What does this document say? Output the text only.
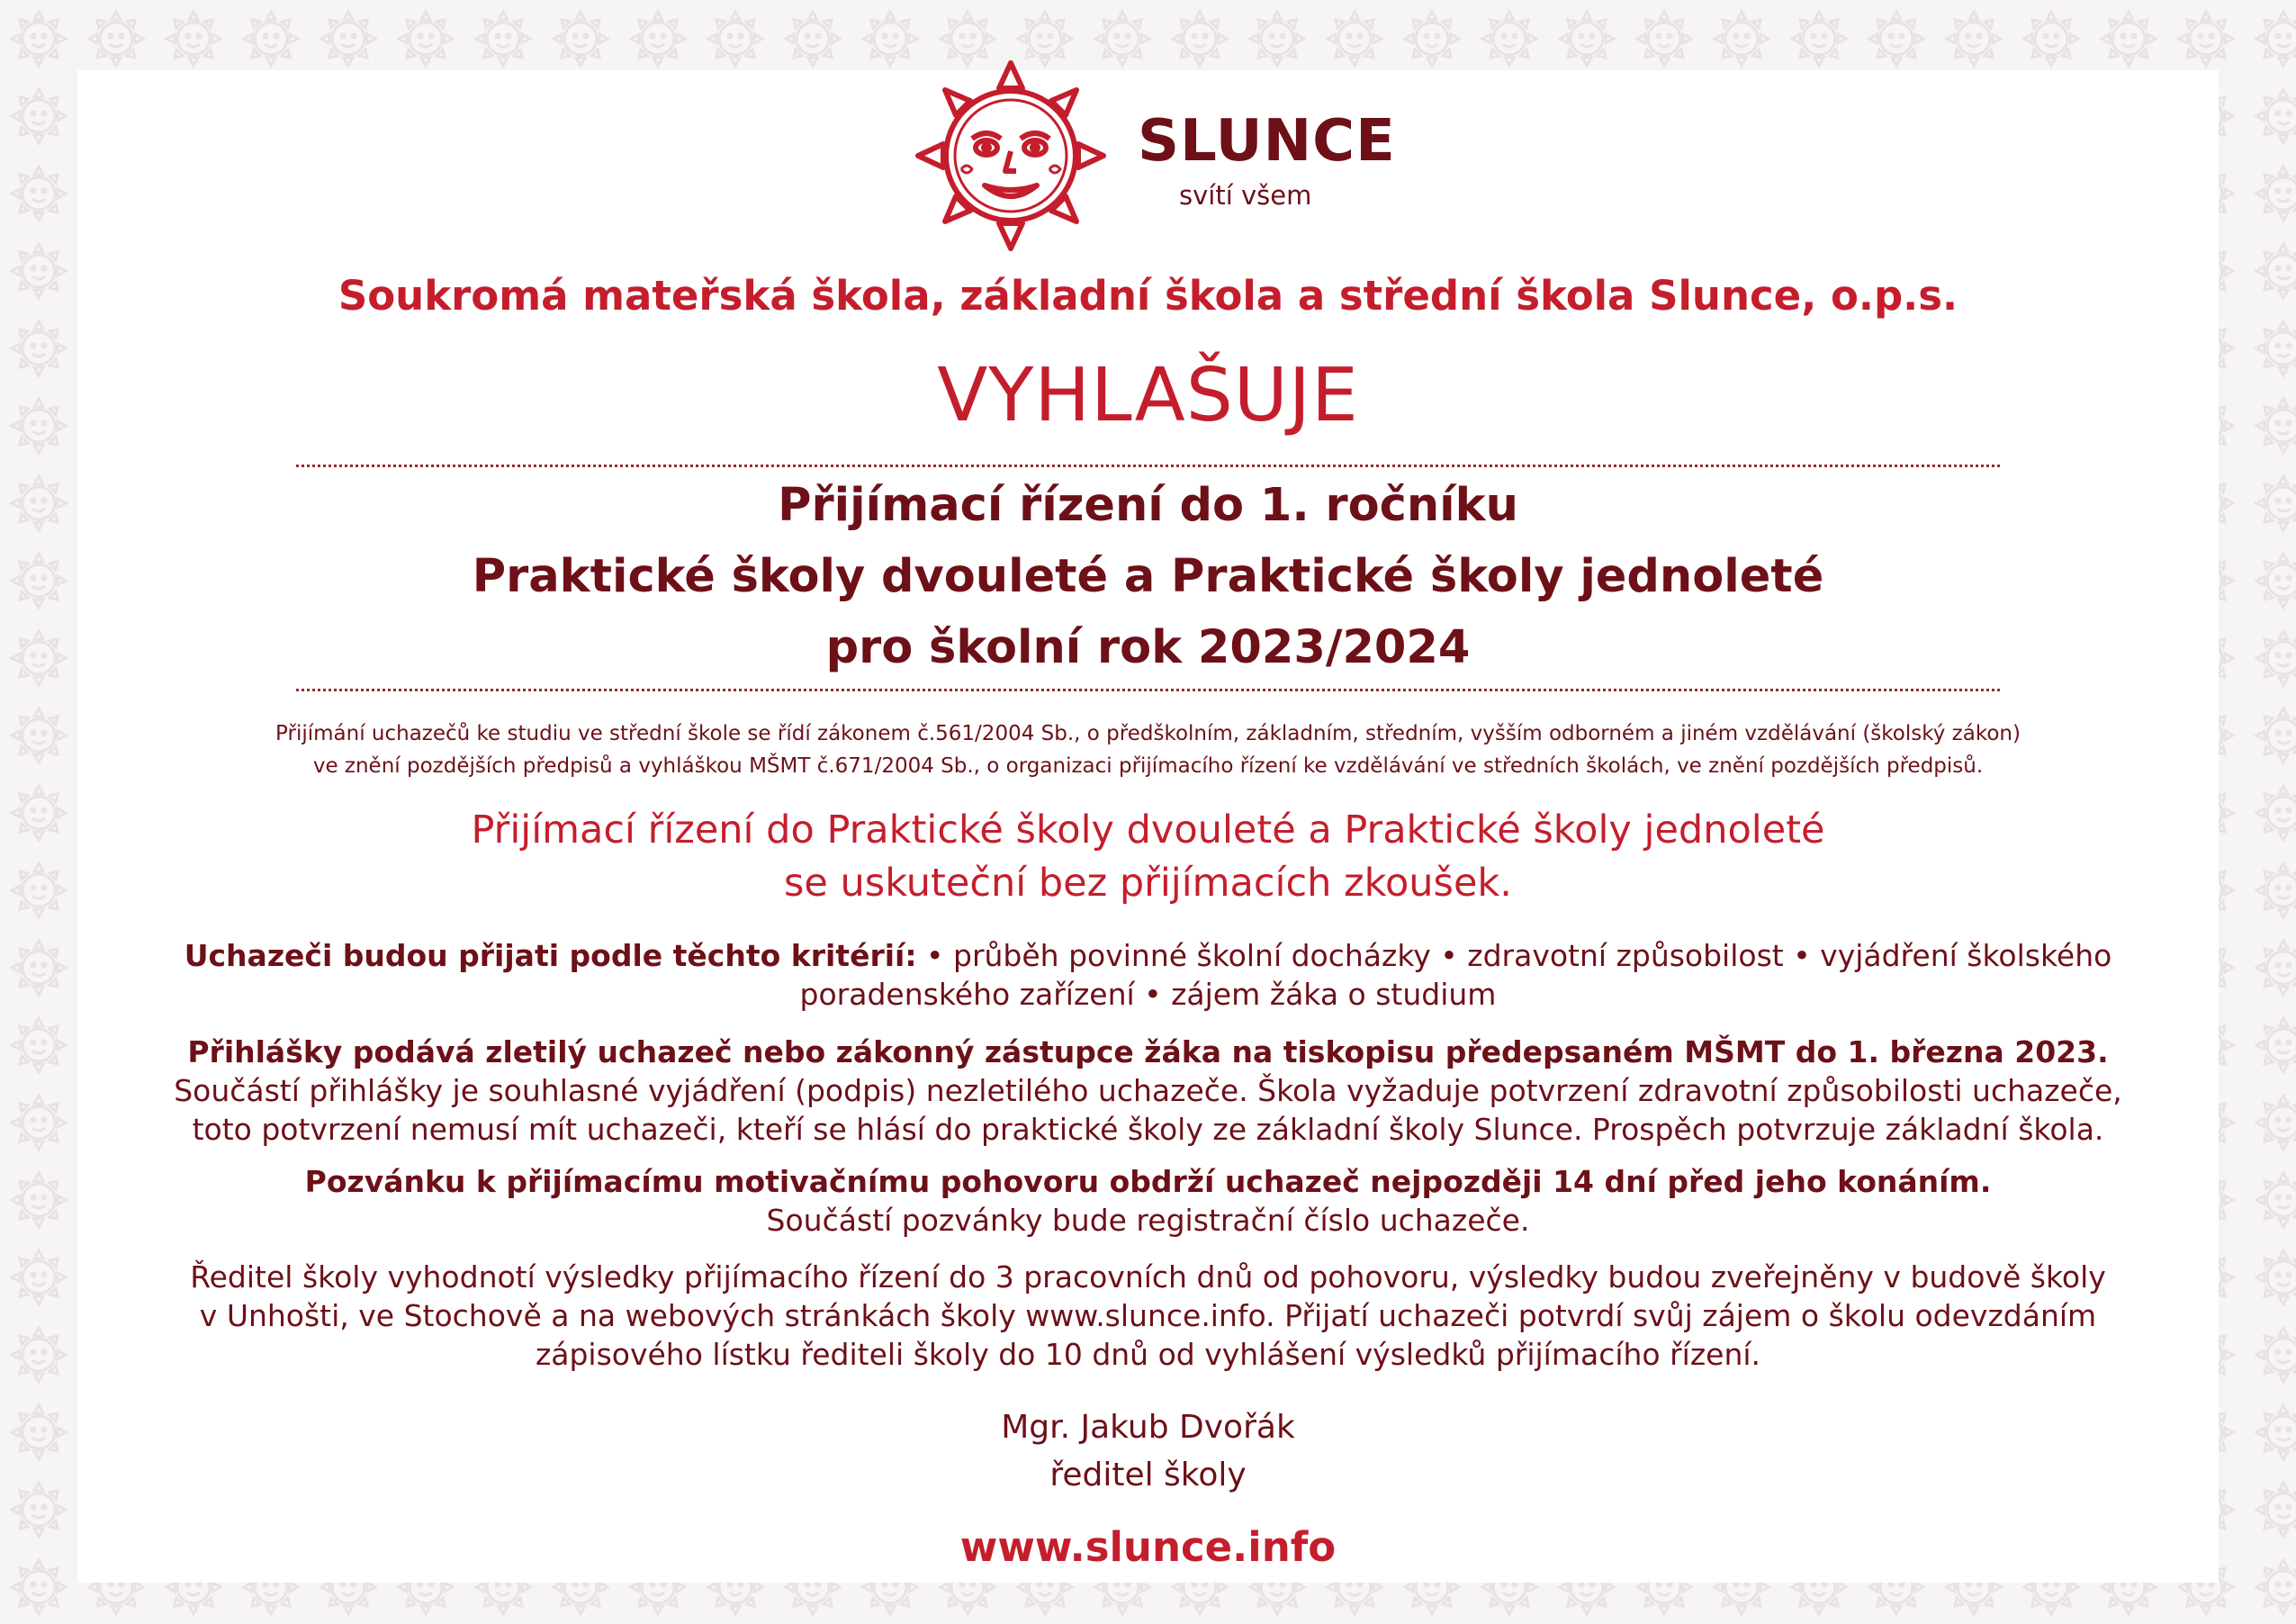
SLUNCE

svítí všem

Soukromá mateřská škola, základní škola a střední škola Slunce, o.p.s.

VYHLAŠUJE

Přijímací řízení do 1. ročníku

Praktické školy dvouleté a Praktické školy jednoleté

pro školní rok 2023/2024

Přijímání uchazečů ke studiu ve střední škole se řídí zákonem č.561/2004 Sb., o předškolním, základním, středním, vyšším odborném a jiném vzdělávání (školský zákon)

ve znění pozdějších předpisů a vyhláškou MŠMT č.671/2004 Sb., o organizaci přijímacího řízení ke vzdělávání ve středních školách, ve znění pozdějších předpisů.

Přijímací řízení do Praktické školy dvouleté a Praktické školy jednoleté

se uskuteční bez přijímacích zkoušek.

Uchazeči budou přijati podle těchto kritérií: • průběh povinné školní docházky • zdravotní způsobilost • vyjádření školského

poradenského zařízení • zájem žáka o studium

Přihlášky podává zletilý uchazeč nebo zákonný zástupce žáka na tiskopisu předepsaném MŠMT do 1. března 2023.

Součástí přihlášky je souhlasné vyjádření (podpis) nezletilého uchazeče. Škola vyžaduje potvrzení zdravotní způsobilosti uchazeče,

toto potvrzení nemusí mít uchazeči, kteří se hlásí do praktické školy ze základní školy Slunce. Prospěch potvrzuje základní škola.

Pozvánku k přijímacímu motivačnímu pohovoru obdrží uchazeč nejpozději 14 dní před jeho konáním.

Součástí pozvánky bude registrační číslo uchazeče.

Ředitel školy vyhodnotí výsledky přijímacího řízení do 3 pracovních dnů od pohovoru, výsledky budou zveřejněny v budově školy

v Unhošti, ve Stochově a na webových stránkách školy www.slunce.info. Přijatí uchazeči potvrdí svůj zájem o školu odevzdáním

zápisového lístku řediteli školy do 10 dnů od vyhlášení výsledků přijímacího řízení.

Mgr. Jakub Dvořák

ředitel školy

www.slunce.info
